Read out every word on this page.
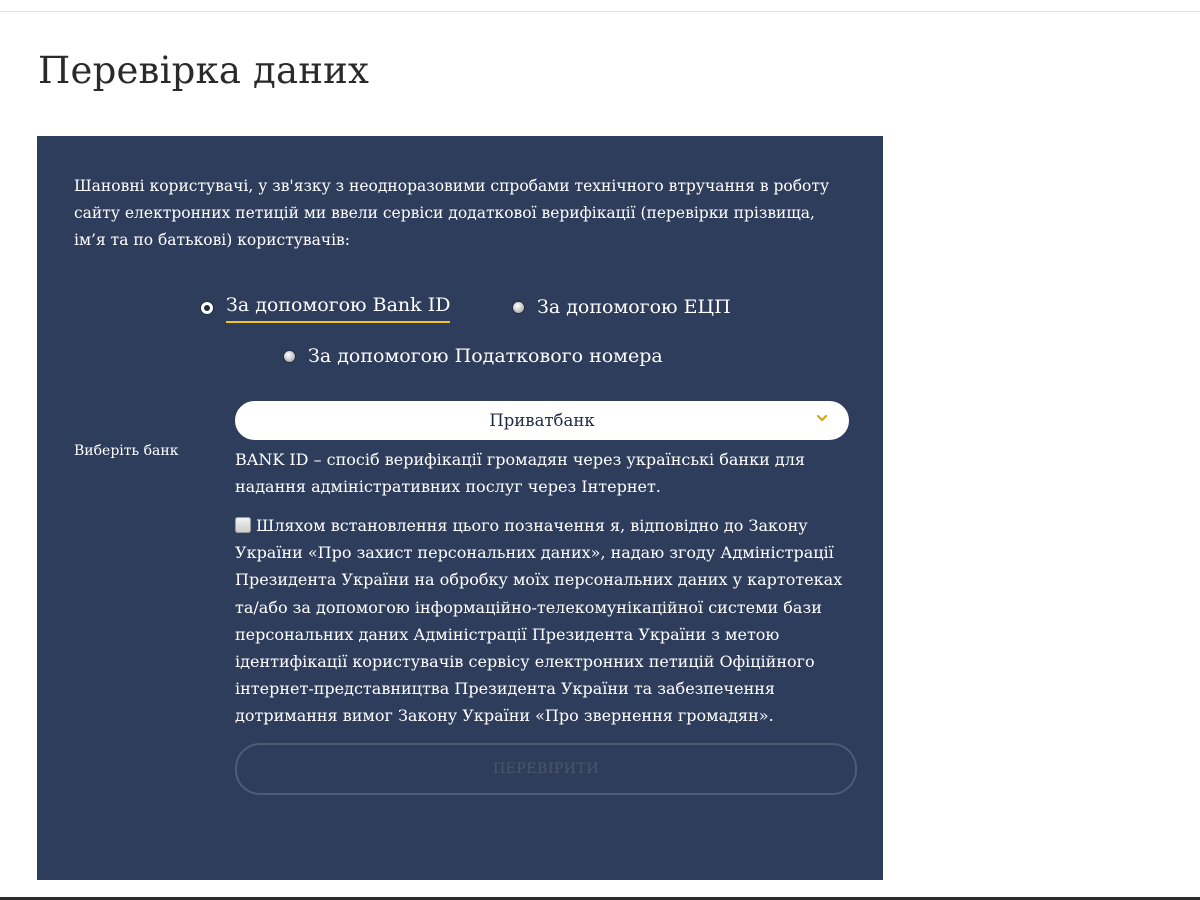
Перевірка даних

Шановні користувачі, у зв'язку з неодноразовими спробами технічного втручання в роботу сайту електронних петицій ми ввели сервіси додаткової верифікації (перевірки прізвища, ім’я та по батькові) користувачів:

За допомогою Bank ID	За допомогою ЕЦП
За допомогою Податкового номера
Виберіть банк
Приватбанк

BANK ID – спосіб верифікації громадян через українські банки для надання адміністративних послуг через Інтернет.

Шляхом встановлення цього позначення я, відповідно до Закону України «Про захист персональних даних», надаю згоду Адміністрації Президента України на обробку моїх персональних даних у картотеках та/або за допомогою інформаційно-телекомунікаційної системи бази персональних даних Адміністрації Президента України з метою ідентифікації користувачів сервісу електронних петицій Офіційного інтернет-представництва Президента України та забезпечення дотримання вимог Закону України «Про звернення громадян».

ПЕРЕВІРИТИ
